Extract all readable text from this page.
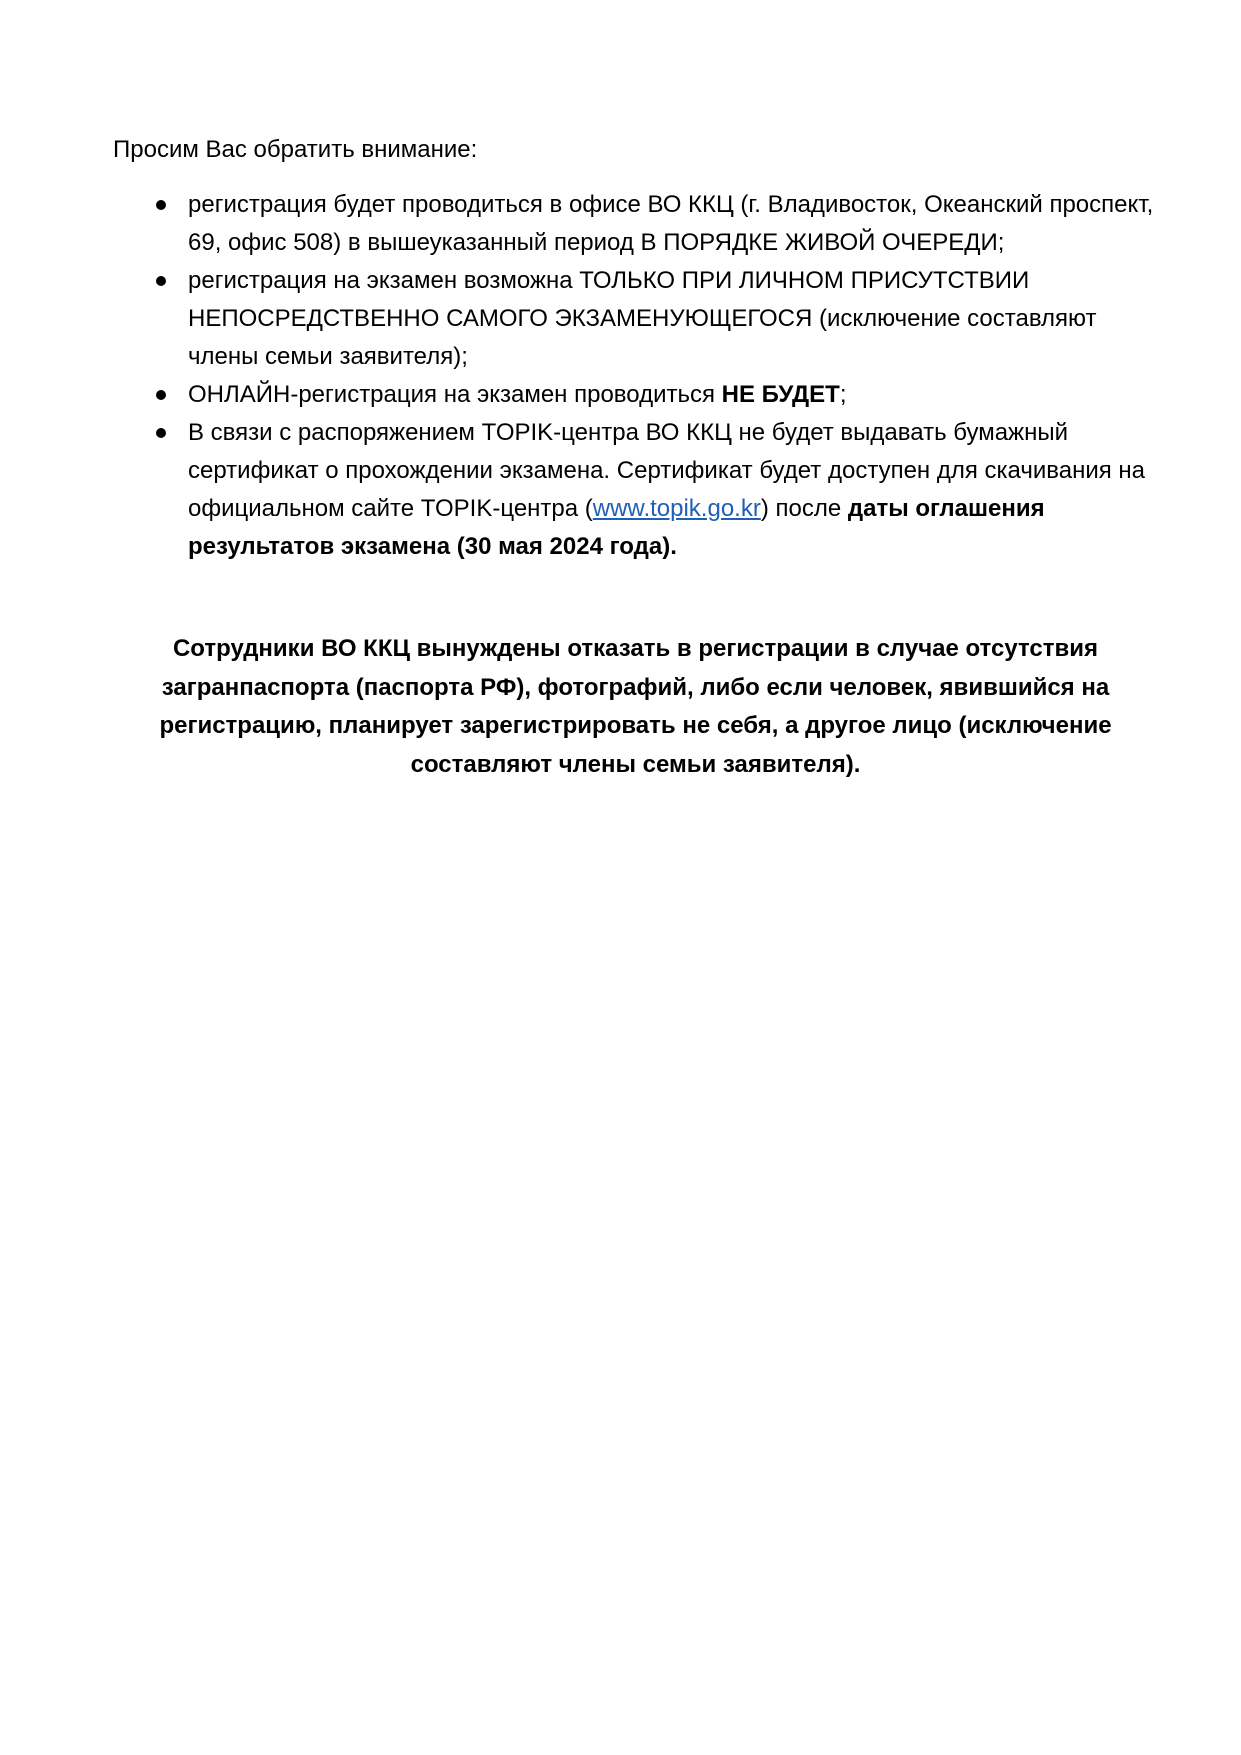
Просим Вас обратить внимание:

регистрация будет проводиться в офисе ВО ККЦ (г. Владивосток, Океанский проспект, 69, офис 508) в вышеуказанный период В ПОРЯДКЕ ЖИВОЙ ОЧЕРЕДИ;
регистрация на экзамен возможна ТОЛЬКО ПРИ ЛИЧНОМ ПРИСУТСТВИИ НЕПОСРЕДСТВЕННО САМОГО ЭКЗАМЕНУЮЩЕГОСЯ (исключение составляют члены семьи заявителя);
ОНЛАЙН-регистрация на экзамен проводиться НЕ БУДЕТ;
В связи с распоряжением TOPIK-центра ВО ККЦ не будет выдавать бумажный сертификат о прохождении экзамена. Сертификат будет доступен для скачивания на официальном сайте TOPIK-центра (www.topik.go.kr) после даты оглашения результатов экзамена (30 мая 2024 года).

Сотрудники ВО ККЦ вынуждены отказать в регистрации в случае отсутствия загранпаспорта (паспорта РФ), фотографий, либо если человек, явившийся на регистрацию, планирует зарегистрировать не себя, а другое лицо (исключение составляют члены семьи заявителя).
